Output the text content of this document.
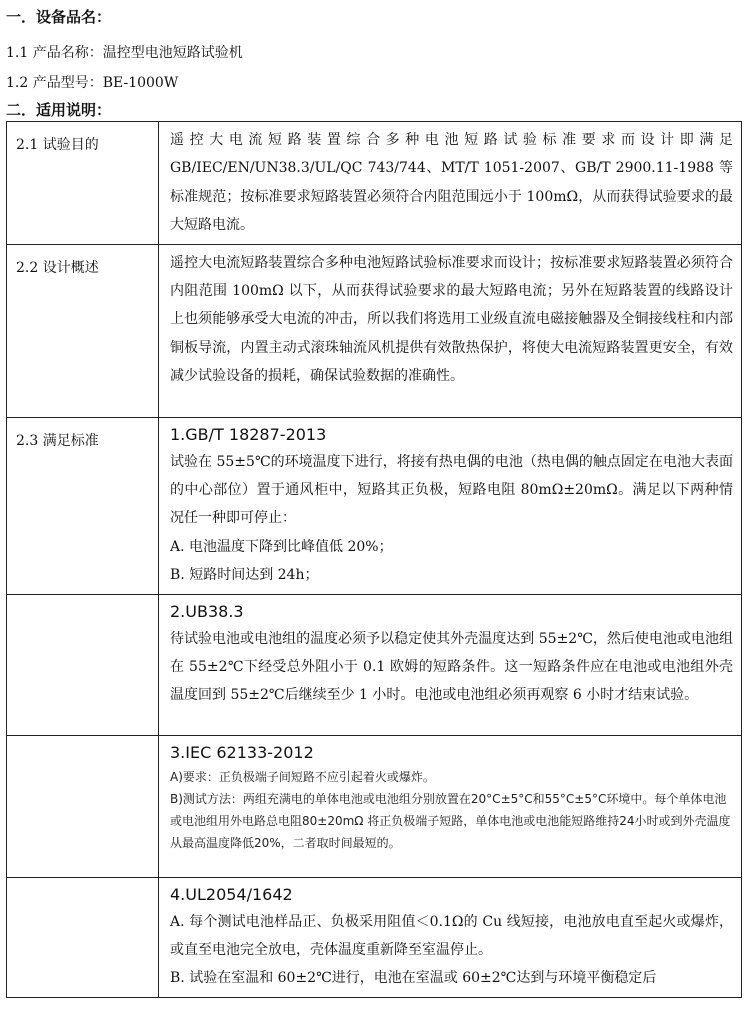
一．设备品名：
1.1 产品名称：温控型电池短路试验机
1.2 产品型号：BE-1000W
二．适用说明：
2.1 试验目的	遥控大电流短路装置综合多种电池短路试验标准要求而设计即满足GB/IEC/EN/UN38.3/UL/QC 743/744、MT/T 1051-2007、GB/T 2900.11-1988 等标准规范；按标准要求短路装置必须符合内阻范围远小于 100mΩ，从而获得试验要求的最大短路电流。

2.2 设计概述	遥控大电流短路装置综合多种电池短路试验标准要求而设计；按标准要求短路装置必须符合内阻范围 100mΩ 以下，从而获得试验要求的最大短路电流；另外在短路装置的线路设计上也须能够承受大电流的冲击，所以我们将选用工业级直流电磁接触器及全铜接线柱和内部铜板导流，内置主动式滚珠轴流风机提供有效散热保护，将使大电流短路装置更安全，有效减少试验设备的损耗，确保试验数据的准确性。

2.3 满足标准	1.GB/T 18287-2013

试验在 55±5℃的环境温度下进行，将接有热电偶的电池（热电偶的触点固定在电池大表面的中心部位）置于通风柜中，短路其正负极，短路电阻 80mΩ±20mΩ。满足以下两种情况任一种即可停止：

A. 电池温度下降到比峰值低 20%；

B. 短路时间达到 24h；

	2.UB38.3

待试验电池或电池组的温度必须予以稳定使其外壳温度达到 55±2℃，然后使电池或电池组在 55±2℃下经受总外阻小于 0.1 欧姆的短路条件。这一短路条件应在电池或电池组外壳温度回到 55±2℃后继续至少 1 小时。电池或电池组必须再观察 6 小时才结束试验。

	3.IEC 62133-2012

A)要求：正负极端子间短路不应引起着火或爆炸。

B)测试方法：两组充满电的单体电池或电池组分别放置在20°C±5°C和55°C±5°C环境中。每个单体电池或电池组用外电路总电阻80±20mΩ 将正负极端子短路，单体电池或电池能短路维持24小时或到外壳温度从最高温度降低20%，二者取时间最短的。

	4.UL2054/1642

A. 每个测试电池样品正、负极采用阻值＜0.1Ω的 Cu 线短接，电池放电直至起火或爆炸，或直至电池完全放电，壳体温度重新降至室温停止。

B. 试验在室温和 60±2℃进行，电池在室温或 60±2℃达到与环境平衡稳定后
